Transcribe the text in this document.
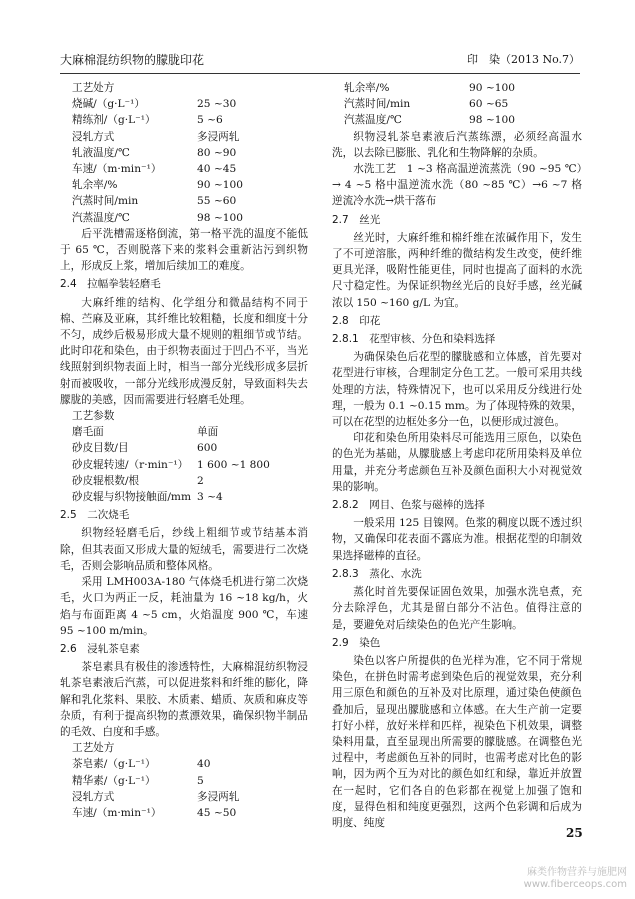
大麻棉混纺织物的朦胧印花	印　染（2013 No.7）
工艺处方
烧碱/（g·L⁻¹）	25 ~30
精练剂/（g·L⁻¹）	5 ~6
浸轧方式	多浸两轧
轧液温度/℃	80 ~90
车速/（m·min⁻¹）	40 ~45
轧余率/%	90 ~100
汽蒸时间/min	55 ~60
汽蒸温度/℃	98 ~100

后平洗槽需逐格倒流，第一格平洗的温度不能低于 65 ℃，否则脱落下来的浆料会重新沾污到织物上，形成反上浆，增加后续加工的难度。

2.4　拉幅拳装轻磨毛

大麻纤维的结构、化学组分和微晶结构不同于棉、苎麻及亚麻，其纤维比较粗糙，长度和细度十分不匀，成纱后极易形成大量不规则的粗细节或节结。此时印花和染色，由于织物表面过于凹凸不平，当光线照射到织物表面上时，相当一部分光线形成多层折射而被吸收，一部分光线形成漫反射，导致面料失去朦胧的美感，因而需要进行轻磨毛处理。

工艺参数
磨毛面	单面
砂皮目数/目	600
砂皮辊转速/（r·min⁻¹） 1 600 ~1 800
砂皮辊根数/根	2
砂皮辊与织物接触面/mm 3 ~4
2.5　二次烧毛

织物经轻磨毛后，纱线上粗细节或节结基本消除，但其表面又形成大量的短绒毛，需要进行二次烧毛，否则会影响品质和整体风格。

采用 LMH003A-180 气体烧毛机进行第二次烧毛，火口为两正一反，耗油量为 16 ~18 kg/h，火焰与布面距离 4 ~5 cm，火焰温度 900 ℃，车速 95 ~100 m/min。

2.6　浸轧茶皂素

茶皂素具有极佳的渗透特性，大麻棉混纺织物浸轧茶皂素液后汽蒸，可以促进浆料和纤维的膨化，降解和乳化浆料、果胶、木质素、蜡质、灰质和麻皮等杂质，有利于提高织物的煮漂效果，确保织物半制品的毛效、白度和手感。

工艺处方
茶皂素/（g·L⁻¹）	40
精华素/（g·L⁻¹）	5
浸轧方式	多浸两轧
车速/（m·min⁻¹）	45 ~50
轧余率/%	90 ~100
汽蒸时间/min	60 ~65
汽蒸温度/℃	98 ~100

织物浸轧茶皂素液后汽蒸练漂，必须经高温水洗，以去除已膨胀、乳化和生物降解的杂质。

水洗工艺　1 ~3 格高温逆流蒸洗（90 ~95 ℃）→ 4 ~5 格中温逆流水洗（80 ~85 ℃）→6 ~7 格逆流冷水洗→烘干落布

2.7　丝光

丝光时，大麻纤维和棉纤维在浓碱作用下，发生了不可逆溶胀，两种纤维的微结构发生改变，使纤维更具光泽，吸附性能更佳，同时也提高了面料的水洗尺寸稳定性。为保证织物丝光后的良好手感，丝光碱浓以 150 ~160 g/L 为宜。

2.8　印花
2.8.1　花型审核、分色和染料选择

为确保染色后花型的朦胧感和立体感，首先要对花型进行审核，合理制定分色工艺。一般可采用共线处理的方法，特殊情况下，也可以采用反分线进行处理，一般为 0.1 ~0.15 mm。为了体现特殊的效果，可以在花型的边框处多分一色，以便形成过渡色。

印花和染色所用染料尽可能选用三原色，以染色的色光为基础，从朦胧感上考虑印花所用染料及单位用量，并充分考虑颜色互补及颜色面积大小对视觉效果的影响。

2.8.2　网目、色浆与磁棒的选择

一般采用 125 目镍网。色浆的稠度以既不透过织物，又确保印花表面不露底为准。根据花型的印制效果选择磁棒的直径。

2.8.3　蒸化、水洗

蒸化时首先要保证固色效果，加强水洗皂煮，充分去除浮色，尤其是留白部分不沾色。值得注意的是，要避免对后续染色的色光产生影响。

2.9　染色

染色以客户所提供的色光样为准，它不同于常规染色，在拼色时需考虑到染色后的视觉效果，充分利用三原色和颜色的互补及对比原理，通过染色使颜色叠加后，显现出朦胧感和立体感。在大生产前一定要打好小样，放好米样和匹样，视染色下机效果，调整染料用量，直至显现出所需要的朦胧感。在调整色光过程中，考虑颜色互补的同时，也需考虑对比色的影响，因为两个互为对比的颜色如红和绿，靠近并放置在一起时，它们各自的色彩都在视觉上加强了饱和度，显得色相和纯度更强烈，这两个色彩调和后成为明度、纯度

25
麻类作物营养与施肥网
www.fiberceops.com
